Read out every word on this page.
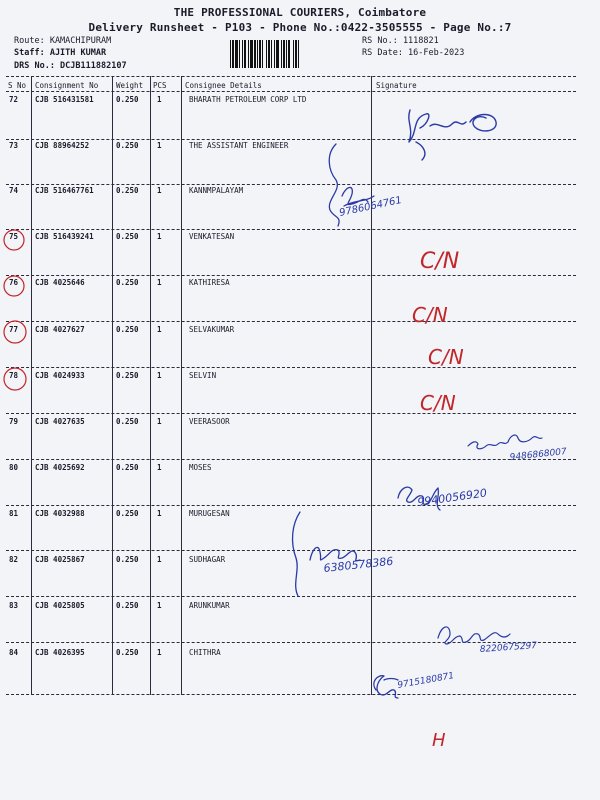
THE PROFESSIONAL COURIERS, Coimbatore
Delivery Runsheet - P103 - Phone No.:0422-3505555 - Page No.:7
Route: KAMACHIPURAM
Staff: AJITH KUMAR
DRS No.: DCJB111882107
RS No.: 1118821
RS Date: 16-Feb-2023
S No Consignment No Weight PCS Consignee Details	Signature
72 CJB 516431581	0.250 1	BHARATH PETROLEUM CORP LTD
73 CJB 88964252	0.250 1	THE ASSISTANT ENGINEER
74 CJB 516467761	0.250 1	KANNMPALAYAM
75 CJB 516439241	0.250 1	VENKATESAN
76 CJB 4025646	0.250 1	KATHIRESA
77 CJB 4027627	0.250 1	SELVAKUMAR
78 CJB 4024933	0.250 1	SELVIN
79 CJB 4027635	0.250 1	VEERASOOR
80 CJB 4025692	0.250 1	MOSES
81 CJB 4032988	0.250 1	MURUGESAN
82 CJB 4025867	0.250 1	SUDHAGAR
83 CJB 4025805	0.250 1	ARUNKUMAR
84 CJB 4026395	0.250 1	CHITHRA
9786064761
C/N
C/N
C/N
C/N
9486868007
9940056920
6380578386
8220675297
9715180871
H
